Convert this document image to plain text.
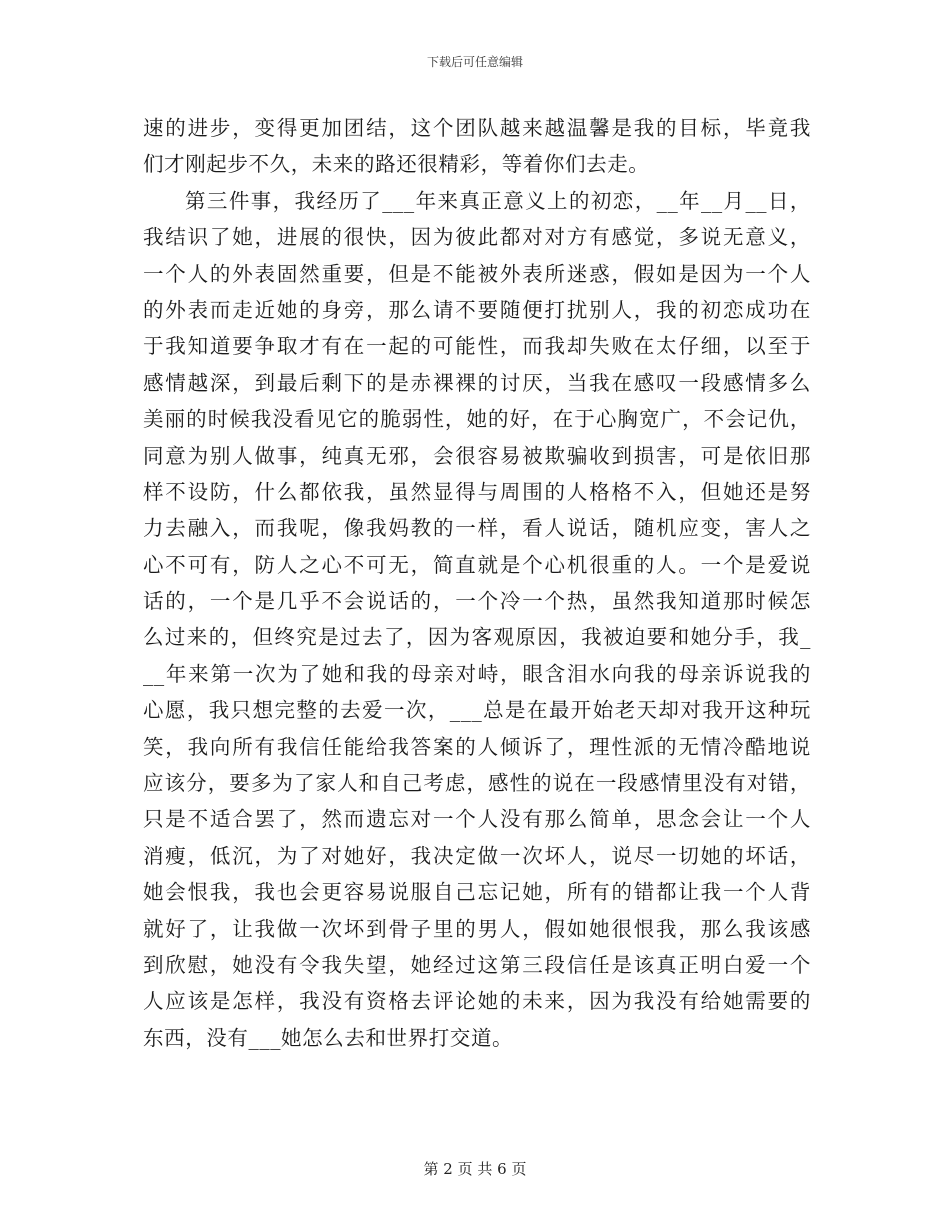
下载后可任意编辑
速的进步，变得更加团结，这个团队越来越温馨是我的目标，毕竟我
们才刚起步不久，未来的路还很精彩，等着你们去走。
第三件事，我经历了___年来真正意义上的初恋，__年__月__日，
我结识了她，进展的很快，因为彼此都对对方有感觉，多说无意义，
一个人的外表固然重要，但是不能被外表所迷惑，假如是因为一个人
的外表而走近她的身旁，那么请不要随便打扰别人，我的初恋成功在
于我知道要争取才有在一起的可能性，而我却失败在太仔细，以至于
感情越深，到最后剩下的是赤裸裸的讨厌，当我在感叹一段感情多么
美丽的时候我没看见它的脆弱性，她的好，在于心胸宽广，不会记仇，
同意为别人做事，纯真无邪，会很容易被欺骗收到损害，可是依旧那
样不设防，什么都依我，虽然显得与周围的人格格不入，但她还是努
力去融入，而我呢，像我妈教的一样，看人说话，随机应变，害人之
心不可有，防人之心不可无，简直就是个心机很重的人。一个是爱说
话的，一个是几乎不会说话的，一个冷一个热，虽然我知道那时候怎
么过来的，但终究是过去了，因为客观原因，我被迫要和她分手，我_
__年来第一次为了她和我的母亲对峙，眼含泪水向我的母亲诉说我的
心愿，我只想完整的去爱一次，___总是在最开始老天却对我开这种玩
笑，我向所有我信任能给我答案的人倾诉了，理性派的无情冷酷地说
应该分，要多为了家人和自己考虑，感性的说在一段感情里没有对错，
只是不适合罢了，然而遗忘对一个人没有那么简单，思念会让一个人
消瘦，低沉，为了对她好，我决定做一次坏人，说尽一切她的坏话，
她会恨我，我也会更容易说服自己忘记她，所有的错都让我一个人背
就好了，让我做一次坏到骨子里的男人，假如她很恨我，那么我该感
到欣慰，她没有令我失望，她经过这第三段信任是该真正明白爱一个
人应该是怎样，我没有资格去评论她的未来，因为我没有给她需要的
东西，没有___她怎么去和世界打交道。
第 2 页 共 6 页
